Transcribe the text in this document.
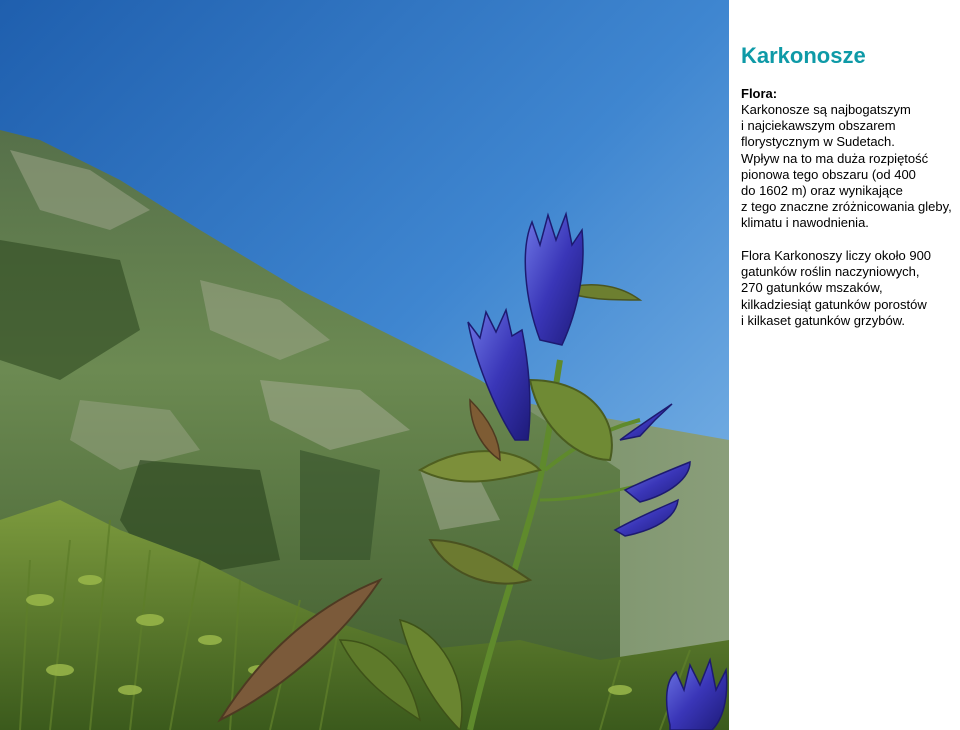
Karkonosze
Flora:
Karkonosze są najbogatszym
i najciekawszym obszarem
florystycznym w Sudetach.
Wpływ na to ma duża rozpiętość
pionowa tego obszaru (od 400
do 1602 m) oraz wynikające
z tego znaczne zróżnicowania gleby,
klimatu i nawodnienia.
Flora Karkonoszy liczy około 900
gatunków roślin naczyniowych,
270 gatunków mszaków,
kilkadziesiąt gatunków porostów
i kilkaset gatunków grzybów.
